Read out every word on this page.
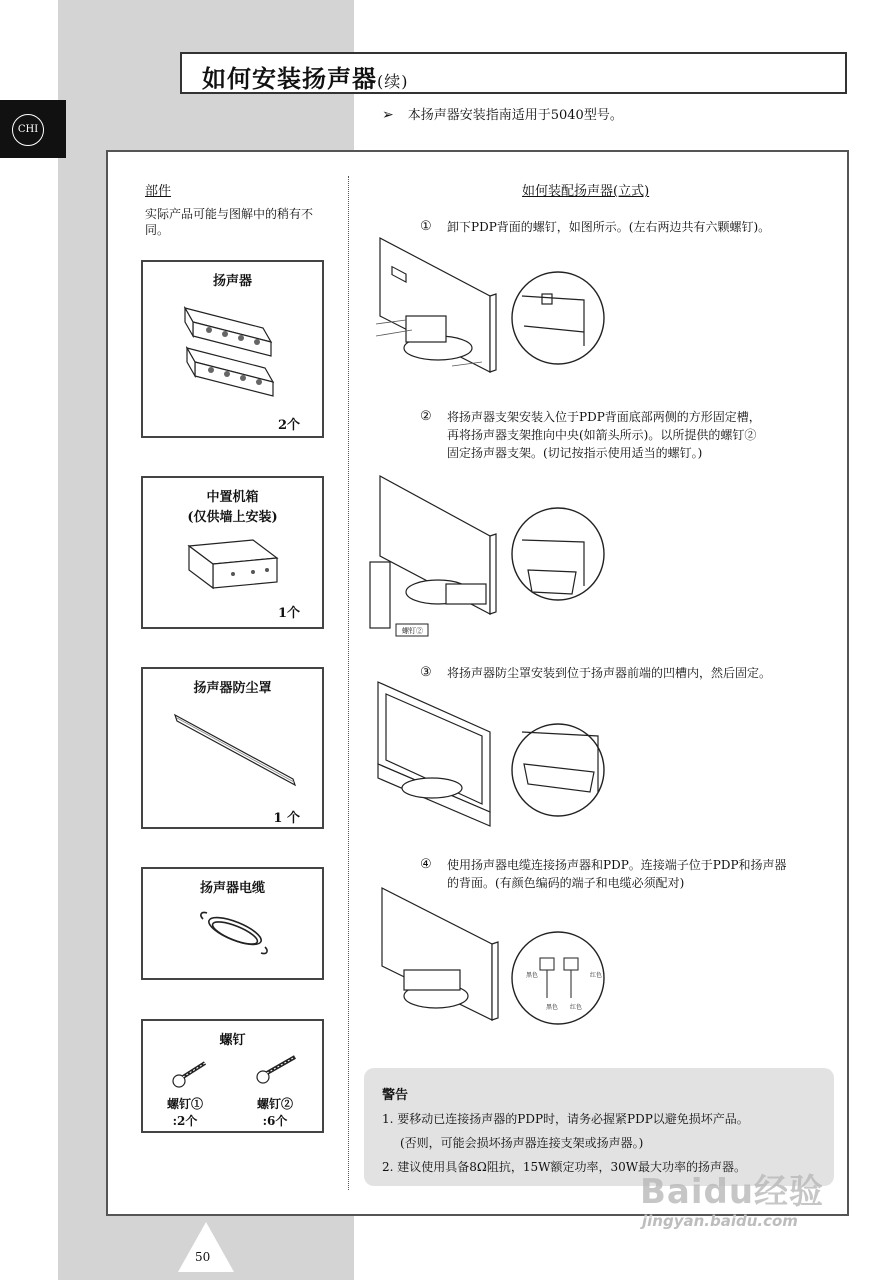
CHI
如何安装扬声器(续)
➢ 本扬声器安装指南适用于5040型号。
部件
实际产品可能与图解中的稍有不同。
扬声器
2个
中置机箱
(仅供墙上安装)
1个
扬声器防尘罩
1 个
扬声器电缆
螺钉
螺钉①
:2个
螺钉②
:6个
如何装配扬声器(立式)
① 卸下PDP背面的螺钉，如图所示。(左右两边共有六颗螺钉)。
② 将扬声器支架安装入位于PDP背面底部两侧的方形固定槽，
再将扬声器支架推向中央(如箭头所示)。以所提供的螺钉②
固定扬声器支架。(切记按指示使用适当的螺钉。)
螺钉②
③ 将扬声器防尘罩安装到位于扬声器前端的凹槽内，然后固定。
④ 使用扬声器电缆连接扬声器和PDP。连接端子位于PDP和扬声器
的背面。(有颜色编码的端子和电缆必须配对)
黑色	红色
黑色 红色
警告
1. 要移动已连接扬声器的PDP时，请务必握紧PDP以避免损坏产品。
(否则，可能会损坏扬声器连接支架或扬声器。)
2. 建议使用具备8Ω阻抗，15W额定功率，30W最大功率的扬声器。
50
Baidu经验
jingyan.baidu.com
